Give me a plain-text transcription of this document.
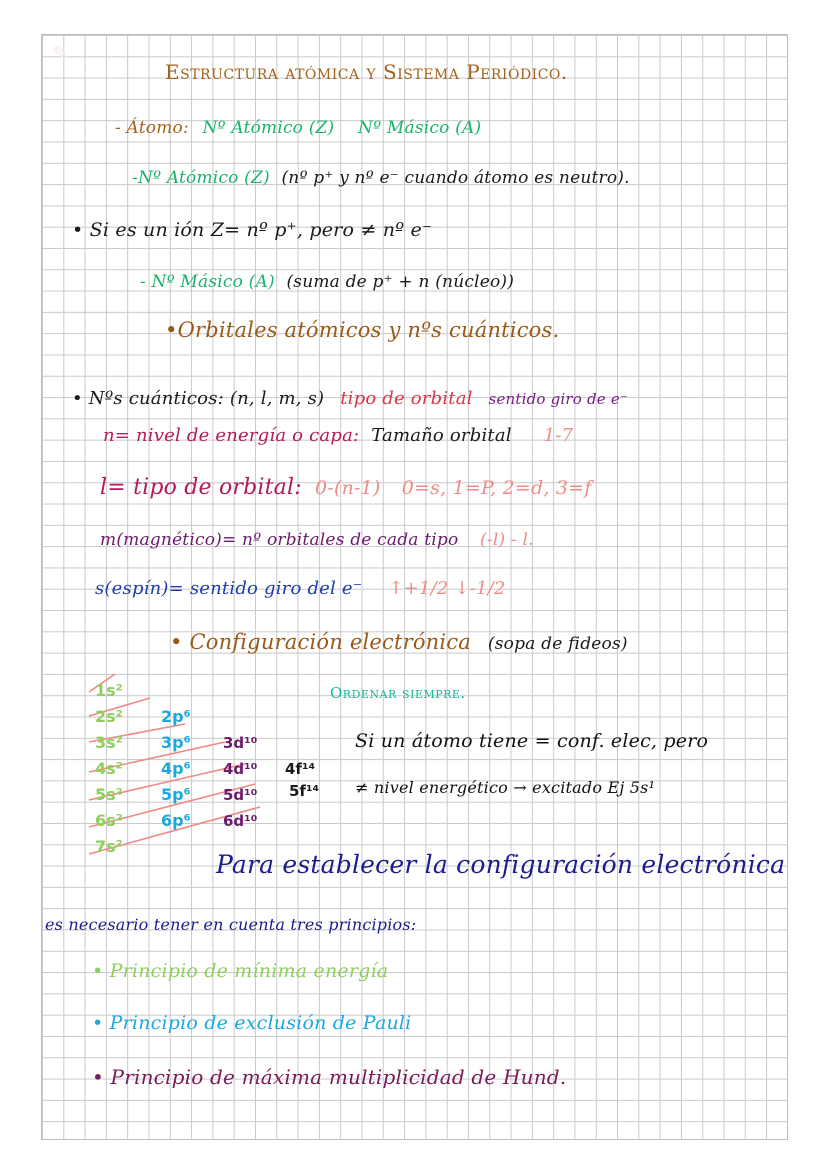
✎
Estructura atómica y Sistema Periódico.
- Átomo: Nº Atómico (Z) Nº Másico (A)
-Nº Atómico (Z) (nº p⁺ y nº e⁻ cuando átomo es neutro).
• Si es un ión Z= nº p⁺, pero ≠ nº e⁻
- Nº Másico (A) (suma de p⁺ + n (núcleo))
•Orbitales atómicos y nºs cuánticos.
• Nºs cuánticos: (n, l, m, s) tipo de orbital sentido giro de e⁻
n= nivel de energía o capa: Tamaño orbital 1-7
l= tipo de orbital: 0-(n-1) 0=s, 1=P, 2=d, 3=f
m(magnético)= nº orbitales de cada tipo (-l) - l.
s(espín)= sentido giro del e⁻ ↑+1/2 ↓-1/2
• Configuración electrónica (sopa de fideos)
Ordenar siempre.
1s²
2s²
3s²
4s²
5s²
6s²
7s²
2p⁶
3p⁶
4p⁶
5p⁶
6p⁶
3d¹⁰
4d¹⁰
5d¹⁰
6d¹⁰
4f¹⁴
5f¹⁴
Si un átomo tiene = conf. elec, pero
≠ nivel energético → excitado Ej 5s¹
Para establecer la configuración electrónica
es necesario tener en cuenta tres principios:
• Principio de mínima energía
• Principio de exclusión de Pauli
• Principio de máxima multiplicidad de Hund.
